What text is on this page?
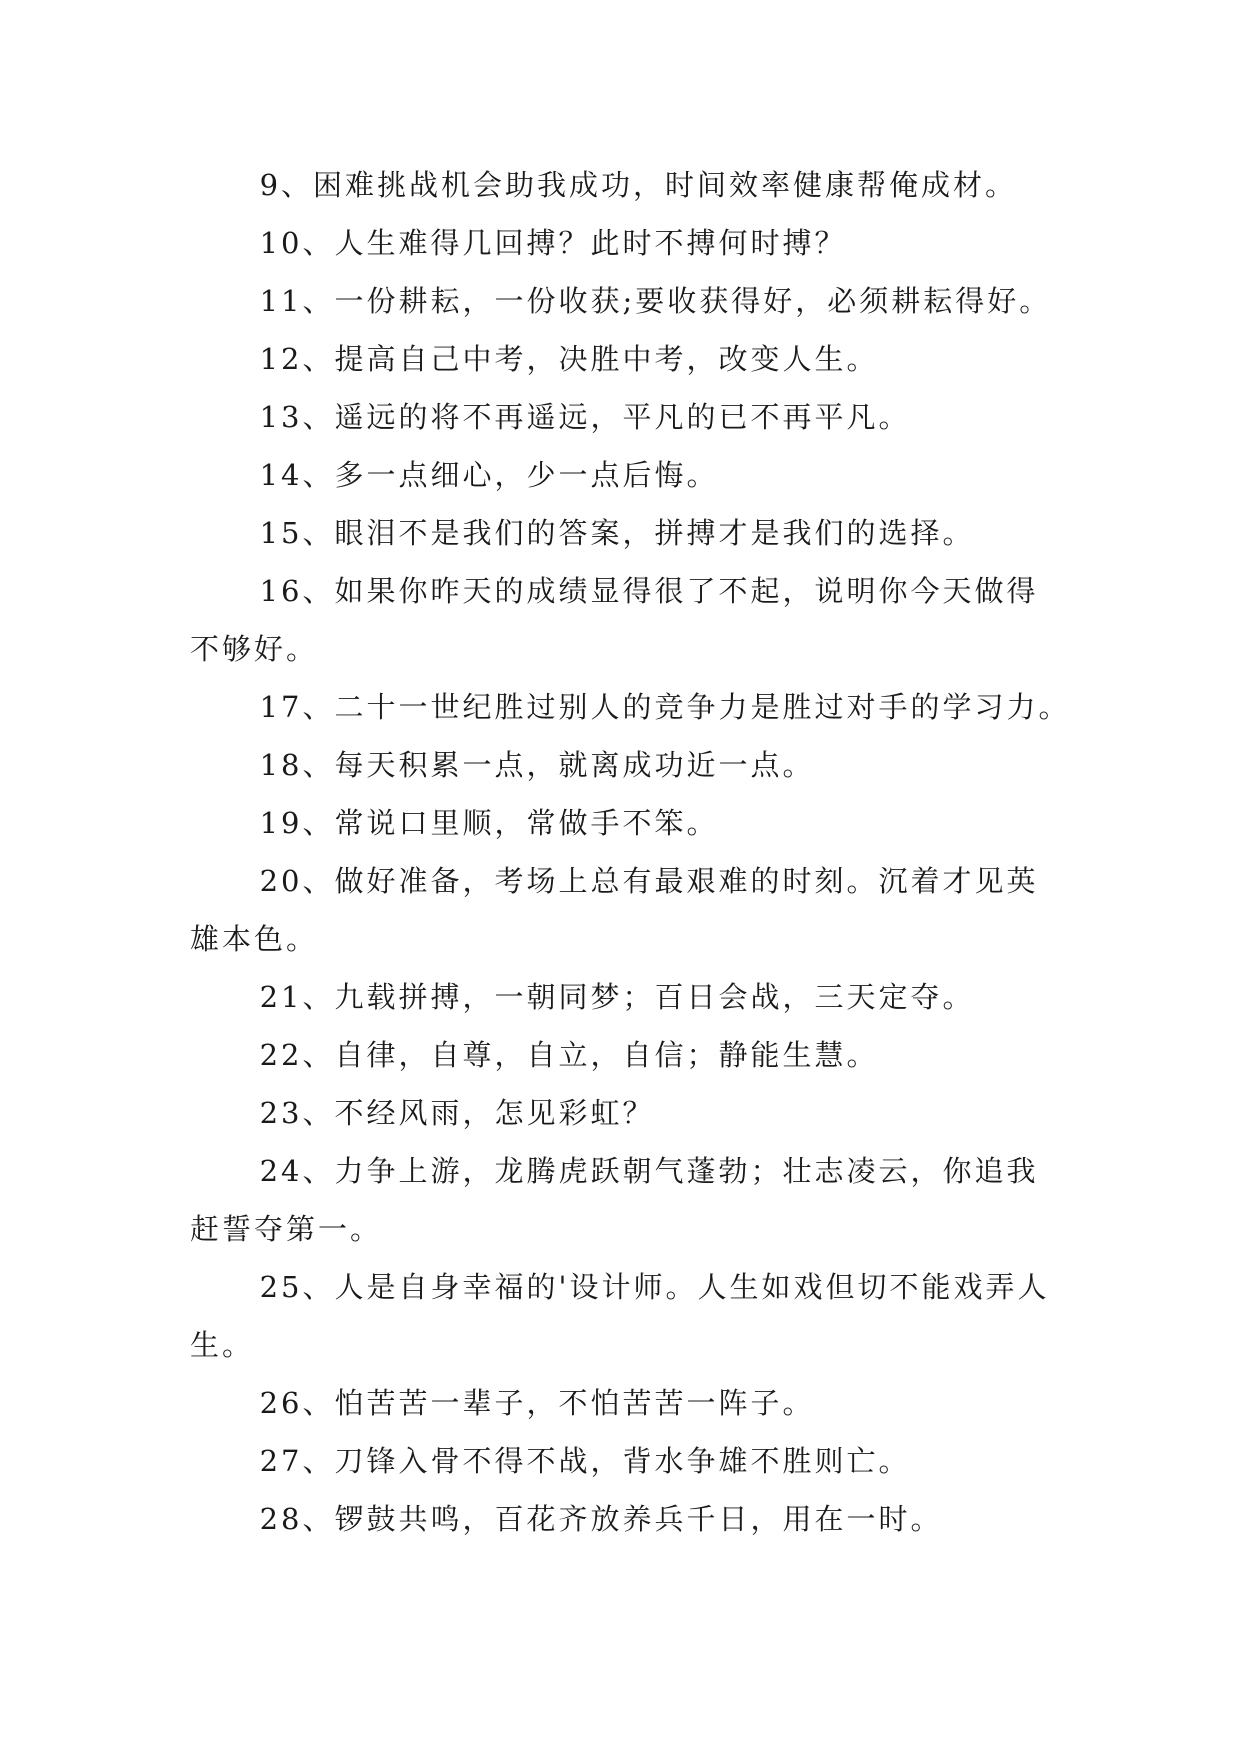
9、困难挑战机会助我成功，时间效率健康帮俺成材。

10、人生难得几回搏？此时不搏何时搏？

11、一份耕耘，一份收获;要收获得好，必须耕耘得好。

12、提高自己中考，决胜中考，改变人生。

13、遥远的将不再遥远，平凡的已不再平凡。

14、多一点细心，少一点后悔。

15、眼泪不是我们的答案，拼搏才是我们的选择。

16、如果你昨天的成绩显得很了不起，说明你今天做得不够好。

17、二十一世纪胜过别人的竞争力是胜过对手的学习力。

18、每天积累一点，就离成功近一点。

19、常说口里顺，常做手不笨。

20、做好准备，考场上总有最艰难的时刻。沉着才见英雄本色。

21、九载拼搏，一朝同梦；百日会战，三天定夺。

22、自律，自尊，自立，自信；静能生慧。

23、不经风雨，怎见彩虹？

24、力争上游，龙腾虎跃朝气蓬勃；壮志凌云，你追我赶誓夺第一。

25、人是自身幸福的'设计师。人生如戏但切不能戏弄人生。

26、怕苦苦一辈子，不怕苦苦一阵子。

27、刀锋入骨不得不战，背水争雄不胜则亡。

28、锣鼓共鸣，百花齐放养兵千日，用在一时。
